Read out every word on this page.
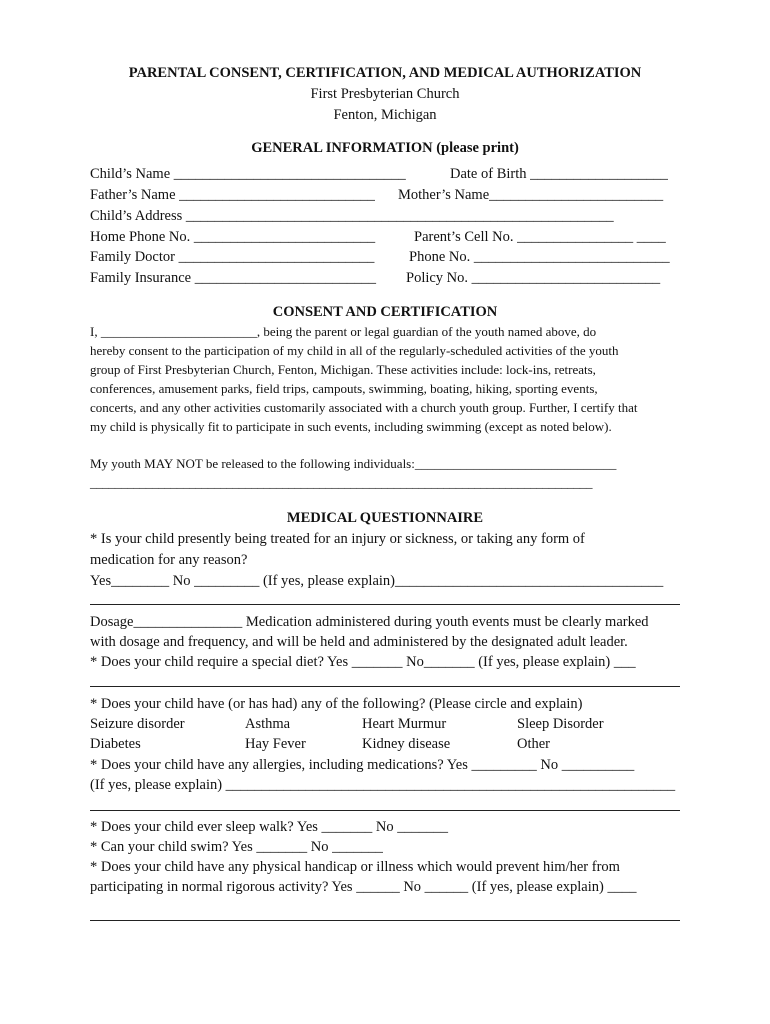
PARENTAL CONSENT, CERTIFICATION, AND MEDICAL AUTHORIZATION
First Presbyterian Church
Fenton, Michigan
GENERAL INFORMATION (please print)
Child’s Name ________________________________	Date of Birth ___________________
Father’s Name ___________________________ Mother’s Name________________________
Child’s Address ___________________________________________________________
Home Phone No. _________________________	Parent’s Cell No. ________________ ____
Family Doctor ___________________________ Phone No. ___________________________
Family Insurance _________________________ Policy No. __________________________
CONSENT AND CERTIFICATION
I, ________________________, being the parent or legal guardian of the youth named above, do
hereby consent to the participation of my child in all of the regularly-scheduled activities of the youth
group of First Presbyterian Church, Fenton, Michigan. These activities include: lock-ins, retreats,
conferences, amusement parks, field trips, campouts, swimming, boating, hiking, sporting events,
concerts, and any other activities customarily associated with a church youth group. Further, I certify that
my child is physically fit to participate in such events, including swimming (except as noted below).
My youth MAY NOT be released to the following individuals:_______________________________
_________________________________________________________________________________
MEDICAL QUESTIONNAIRE
* Is your child presently being treated for an injury or sickness, or taking any form of
medication for any reason?
Yes________ No _________ (If yes, please explain)_____________________________________
Dosage_______________ Medication administered during youth events must be clearly marked
with dosage and frequency, and will be held and administered by the designated adult leader.
* Does your child require a special diet? Yes _______ No_______ (If yes, please explain) ___
* Does your child have (or has had) any of the following? (Please circle and explain)
Seizure disorder	Asthma	Heart Murmur	Sleep Disorder
Diabetes	Hay Fever	Kidney disease	Other
* Does your child have any allergies, including medications? Yes _________ No __________
(If yes, please explain) ______________________________________________________________
* Does your child ever sleep walk? Yes _______ No _______
* Can your child swim? Yes _______ No _______
* Does your child have any physical handicap or illness which would prevent him/her from
participating in normal rigorous activity? Yes ______ No ______ (If yes, please explain) ____
